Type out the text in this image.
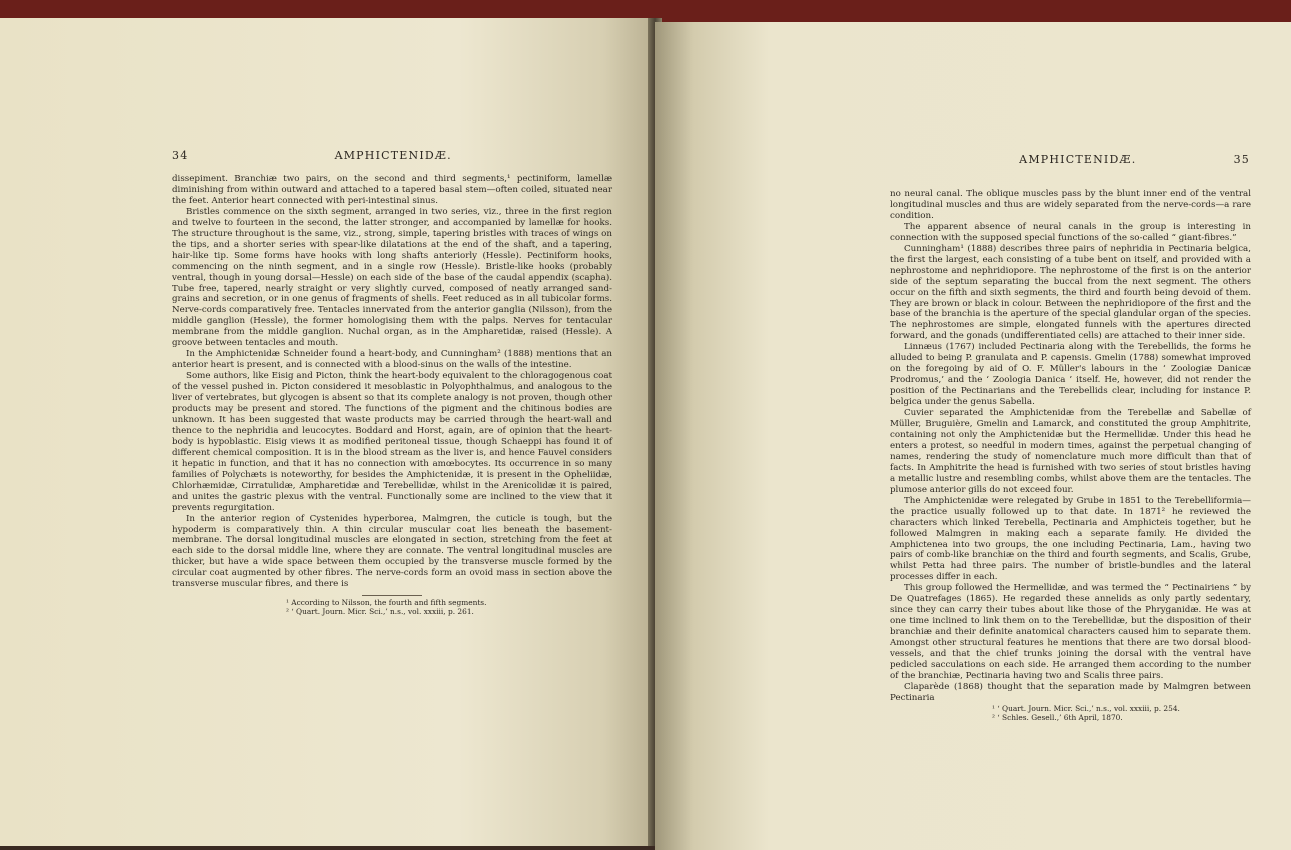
34	AMPHICTENIDÆ.

dissepiment. Branchiæ two pairs, on the second and third segments,¹ pectiniform, lamellæ diminishing from within outward and attached to a tapered basal stem—often coiled, situated near the feet. Anterior heart connected with peri-intestinal sinus.

Bristles commence on the sixth segment, arranged in two series, viz., three in the first region and twelve to fourteen in the second, the latter stronger, and accompanied by lamellæ for hooks. The structure throughout is the same, viz., strong, simple, tapering bristles with traces of wings on the tips, and a shorter series with spear-like dilatations at the end of the shaft, and a tapering, hair-like tip. Some forms have hooks with long shafts anteriorly (Hessle). Pectiniform hooks, commencing on the ninth segment, and in a single row (Hessle). Bristle-like hooks (probably ventral, though in young dorsal—Hessle) on each side of the base of the caudal appendix (scapha). Tube free, tapered, nearly straight or very slightly curved, composed of neatly arranged sand-grains and secretion, or in one genus of fragments of shells. Feet reduced as in all tubicolar forms. Nerve-cords comparatively free. Tentacles innervated from the anterior ganglia (Nilsson), from the middle ganglion (Hessle), the former homologising them with the palps. Nerves for tentacular membrane from the middle ganglion. Nuchal organ, as in the Ampharetidæ, raised (Hessle). A groove between tentacles and mouth.

In the Amphictenidæ Schneider found a heart-body, and Cunningham² (1888) mentions that an anterior heart is present, and is connected with a blood-sinus on the walls of the intestine.

Some authors, like Eisig and Picton, think the heart-body equivalent to the chloragogenous coat of the vessel pushed in. Picton considered it mesoblastic in Polyophthalmus, and analogous to the liver of vertebrates, but glycogen is absent so that its complete analogy is not proven, though other products may be present and stored. The functions of the pigment and the chitinous bodies are unknown. It has been suggested that waste products may be carried through the heart-wall and thence to the nephridia and leucocytes. Boddard and Horst, again, are of opinion that the heart-body is hypoblastic. Eisig views it as modified peritoneal tissue, though Schaeppi has found it of different chemical composition. It is in the blood stream as the liver is, and hence Fauvel considers it hepatic in function, and that it has no connection with amœbocytes. Its occurrence in so many families of Polychæts is noteworthy, for besides the Amphictenidæ, it is present in the Opheliidæ, Chlorhæmidæ, Cirratulidæ, Ampharetidæ and Terebellidæ, whilst in the Arenicolidæ it is paired, and unites the gastric plexus with the ventral. Functionally some are inclined to the view that it prevents regurgitation.

In the anterior region of Cystenides hyperborea, Malmgren, the cuticle is tough, but the hypoderm is comparatively thin. A thin circular muscular coat lies beneath the basement-membrane. The dorsal longitudinal muscles are elongated in section, stretching from the feet at each side to the dorsal middle line, where they are connate. The ventral longitudinal muscles are thicker, but have a wide space between them occupied by the transverse muscle formed by the circular coat augmented by other fibres. The nerve-cords form an ovoid mass in section above the transverse muscular fibres, and there is

¹ According to Nilsson, the fourth and fifth segments.

² ‘ Quart. Journ. Micr. Sci.,’ n.s., vol. xxxiii, p. 261.

AMPHICTENIDÆ.	35

no neural canal. The oblique muscles pass by the blunt inner end of the ventral longitudinal muscles and thus are widely separated from the nerve-cords—a rare condition.

The apparent absence of neural canals in the group is interesting in connection with the supposed special functions of the so-called “ giant-fibres.”

Cunningham¹ (1888) describes three pairs of nephridia in Pectinaria belgica, the first the largest, each consisting of a tube bent on itself, and provided with a nephrostome and nephridiopore. The nephrostome of the first is on the anterior side of the septum separating the buccal from the next segment. The others occur on the fifth and sixth segments, the third and fourth being devoid of them. They are brown or black in colour. Between the nephridiopore of the first and the base of the branchia is the aperture of the special glandular organ of the species. The nephrostomes are simple, elongated funnels with the apertures directed forward, and the gonads (undifferentiated cells) are attached to their inner side.

Linnæus (1767) included Pectinaria along with the Terebellids, the forms he alluded to being P. granulata and P. capensis. Gmelin (1788) somewhat improved on the foregoing by aid of O. F. Müller's labours in the ‘ Zoologiæ Danicæ Prodromus,’ and the ‘ Zoologia Danica ’ itself. He, however, did not render the position of the Pectinarians and the Terebellids clear, including for instance P. belgica under the genus Sabella.

Cuvier separated the Amphictenidæ from the Terebellæ and Sabellæ of Müller, Bruguière, Gmelin and Lamarck, and constituted the group Amphitrite, containing not only the Amphictenidæ but the Hermellidæ. Under this head he enters a protest, so needful in modern times, against the perpetual changing of names, rendering the study of nomenclature much more difficult than that of facts. In Amphitrite the head is furnished with two series of stout bristles having a metallic lustre and resembling combs, whilst above them are the tentacles. The plumose anterior gills do not exceed four.

The Amphictenidæ were relegated by Grube in 1851 to the Terebelliformia—the practice usually followed up to that date. In 1871² he reviewed the characters which linked Terebella, Pectinaria and Amphicteis together, but he followed Malmgren in making each a separate family. He divided the Amphictenea into two groups, the one including Pectinaria, Lam., having two pairs of comb-like branchiæ on the third and fourth segments, and Scalis, Grube, whilst Petta had three pairs. The number of bristle-bundles and the lateral processes differ in each.

This group followed the Hermellidæ, and was termed the “ Pectinairiens ” by De Quatrefages (1865). He regarded these annelids as only partly sedentary, since they can carry their tubes about like those of the Phryganidæ. He was at one time inclined to link them on to the Terebellidæ, but the disposition of their branchiæ and their definite anatomical characters caused him to separate them. Amongst other structural features he mentions that there are two dorsal blood-vessels, and that the chief trunks joining the dorsal with the ventral have pedicled sacculations on each side. He arranged them according to the number of the branchiæ, Pectinaria having two and Scalis three pairs.

Claparède (1868) thought that the separation made by Malmgren between Pectinaria

¹ ‘ Quart. Journ. Micr. Sci.,’ n.s., vol. xxxiii, p. 254.

² ‘ Schles. Gesell.,’ 6th April, 1870.
